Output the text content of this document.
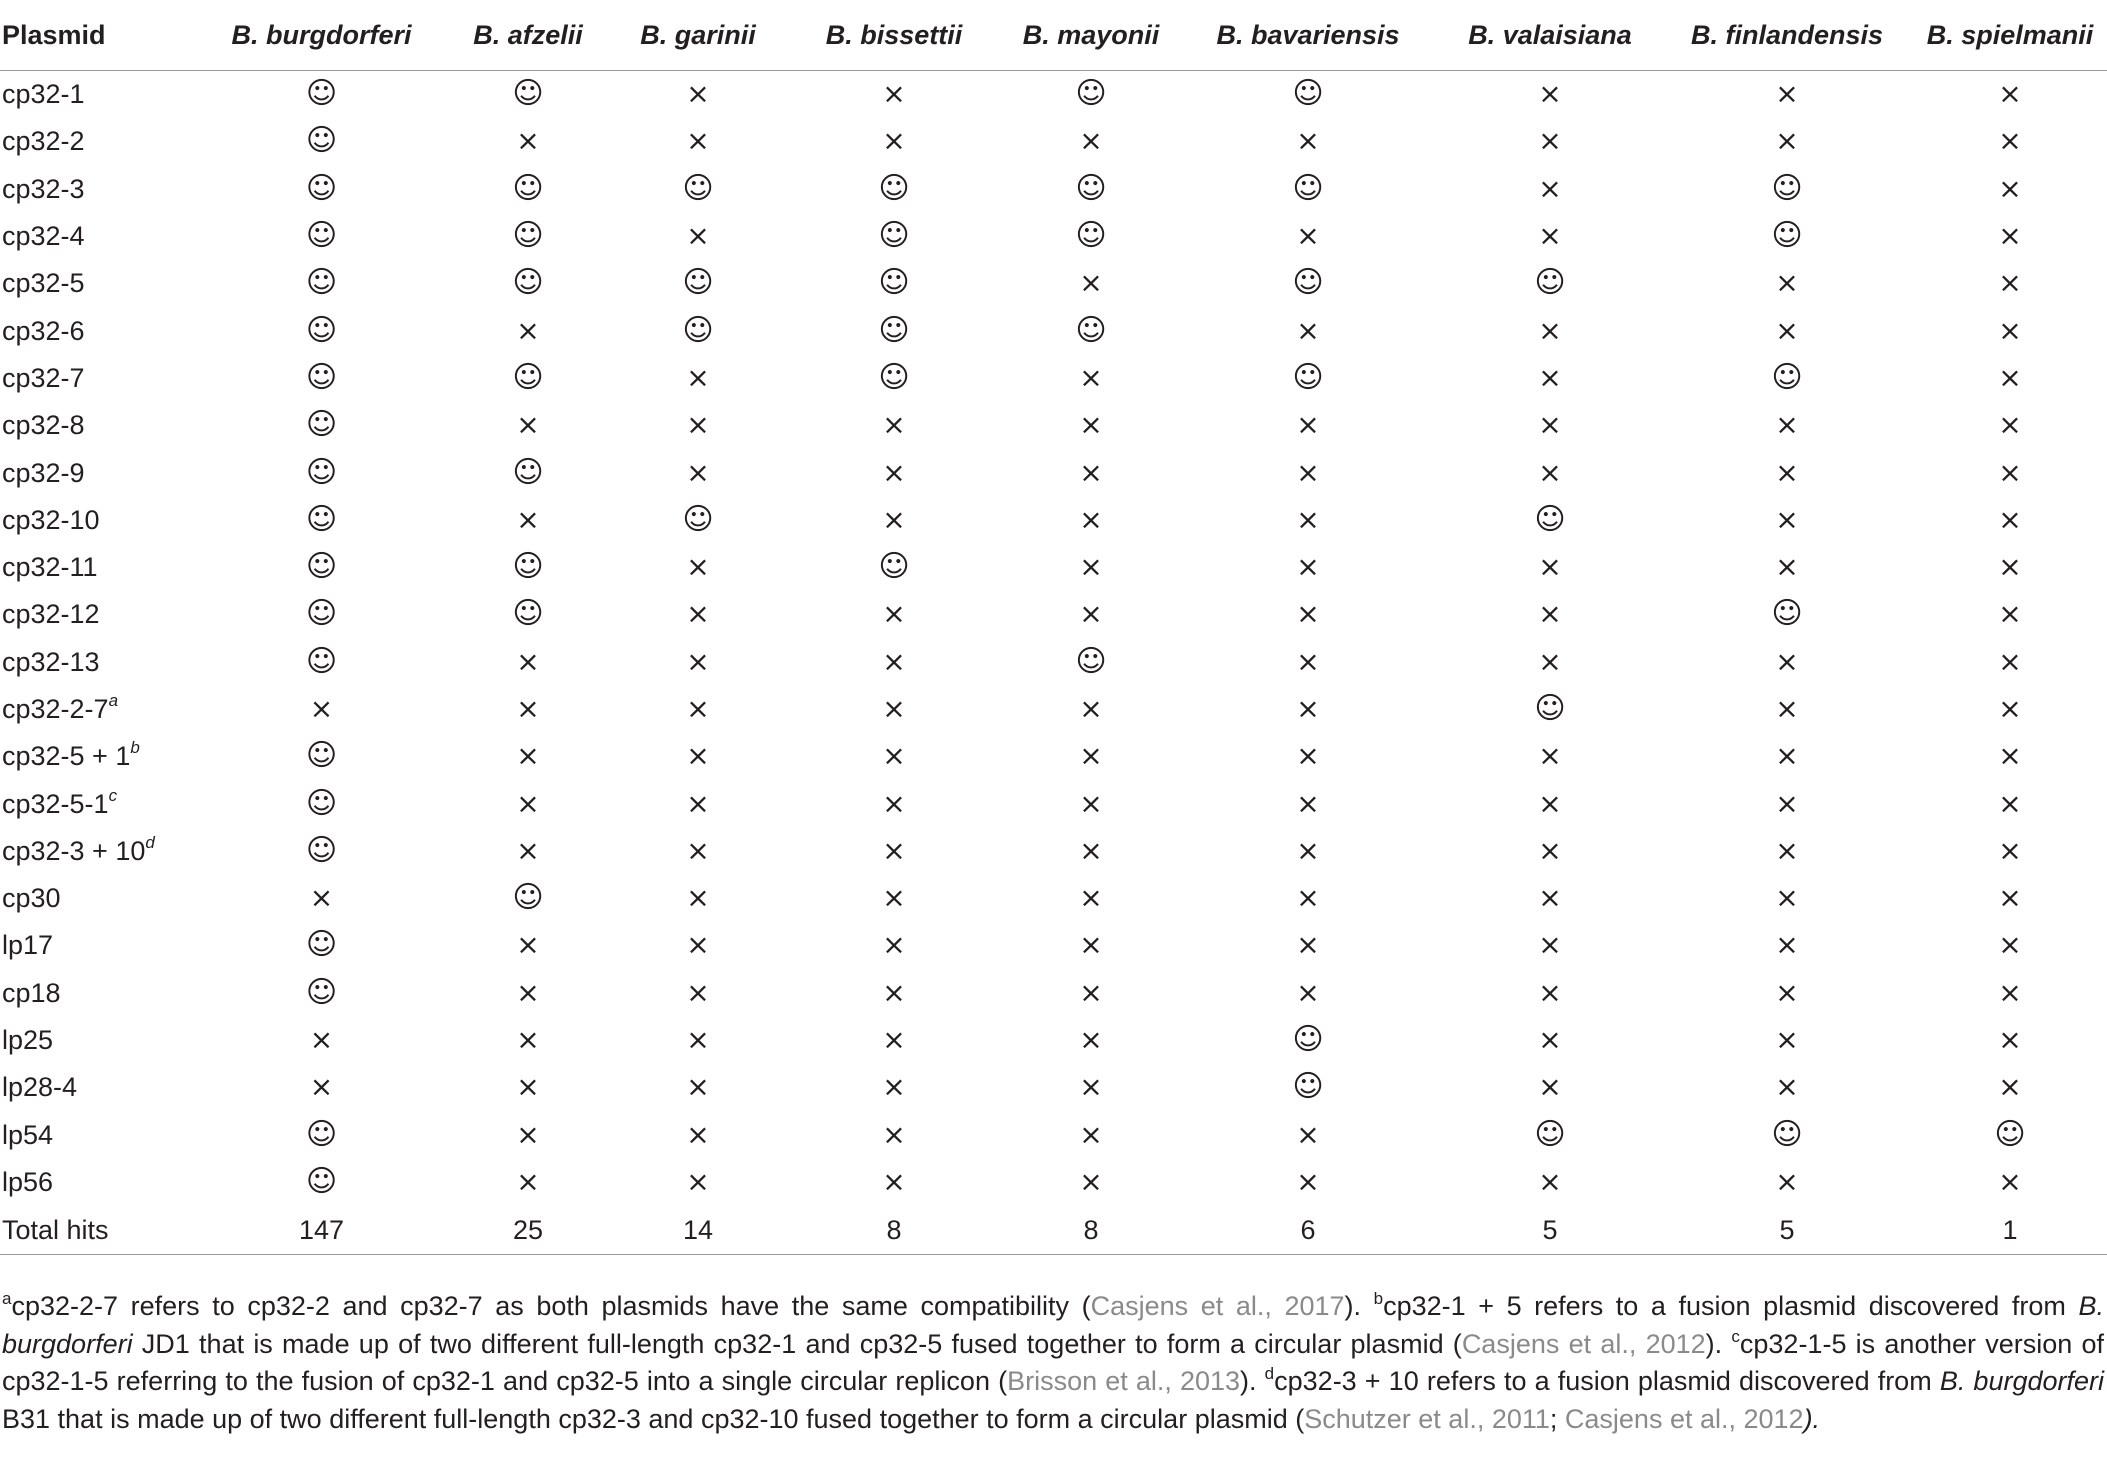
Plasmid	B. burgdorferi	B. afzelii	B. garinii	B. bissettii	B. mayonii	B. bavariensis	B. valaisiana	B. finlandensis	B. spielmanii
cp32-1	☺	☺	×	×	☺	☺	×	×	×
cp32-2	☺	×	×	×	×	×	×	×	×
cp32-3	☺	☺	☺	☺	☺	☺	×	☺	×
cp32-4	☺	☺	×	☺	☺	×	×	☺	×
cp32-5	☺	☺	☺	☺	×	☺	☺	×	×
cp32-6	☺	×	☺	☺	☺	×	×	×	×
cp32-7	☺	☺	×	☺	×	☺	×	☺	×
cp32-8	☺	×	×	×	×	×	×	×	×
cp32-9	☺	☺	×	×	×	×	×	×	×
cp32-10	☺	×	☺	×	×	×	☺	×	×
cp32-11	☺	☺	×	☺	×	×	×	×	×
cp32-12	☺	☺	×	×	×	×	×	☺	×
cp32-13	☺	×	×	×	☺	×	×	×	×
$cp32-2-7^a$	×	×	×	×	×	×	☺	×	×
$cp32-5 + 1^b$	☺	×	×	×	×	×	×	×	×
$cp32-5-1^c$	☺	×	×	×	×	×	×	×	×
$cp32-3 + 10^d$	☺	×	×	×	×	×	×	×	×
cp30	×	☺	×	×	×	×	×	×	×
lp17	☺	×	×	×	×	×	×	×	×
cp18	☺	×	×	×	×	×	×	×	×
lp25	×	×	×	×	×	☺	×	×	×
lp28-4	×	×	×	×	×	☺	×	×	×
lp54	☺	×	×	×	×	×	☺	☺	☺
lp56	☺	×	×	×	×	×	×	×	×
Total hits	147	25	14	8	8	6	5	5	1
$^a$cp32-2-7 refers to cp32-2 and cp32-7 as both plasmids have the same compatibility (Casjens et al., 2017). $^b$cp32-1 + 5 refers to a fusion plasmid discovered from B. burgdorferi JD1 that is made up of two different full-length cp32-1 and cp32-5 fused together to form a circular plasmid (Casjens et al., 2012). $^c$cp32-1-5 is another version of cp32-1-5 referring to the fusion of cp32-1 and cp32-5 into a single circular replicon (Brisson et al., 2013). $^d$cp32-3 + 10 refers to a fusion plasmid discovered from B. burgdorferi B31 that is made up of two different full-length cp32-3 and cp32-10 fused together to form a circular plasmid (Schutzer et al., 2011; Casjens et al., 2012).
